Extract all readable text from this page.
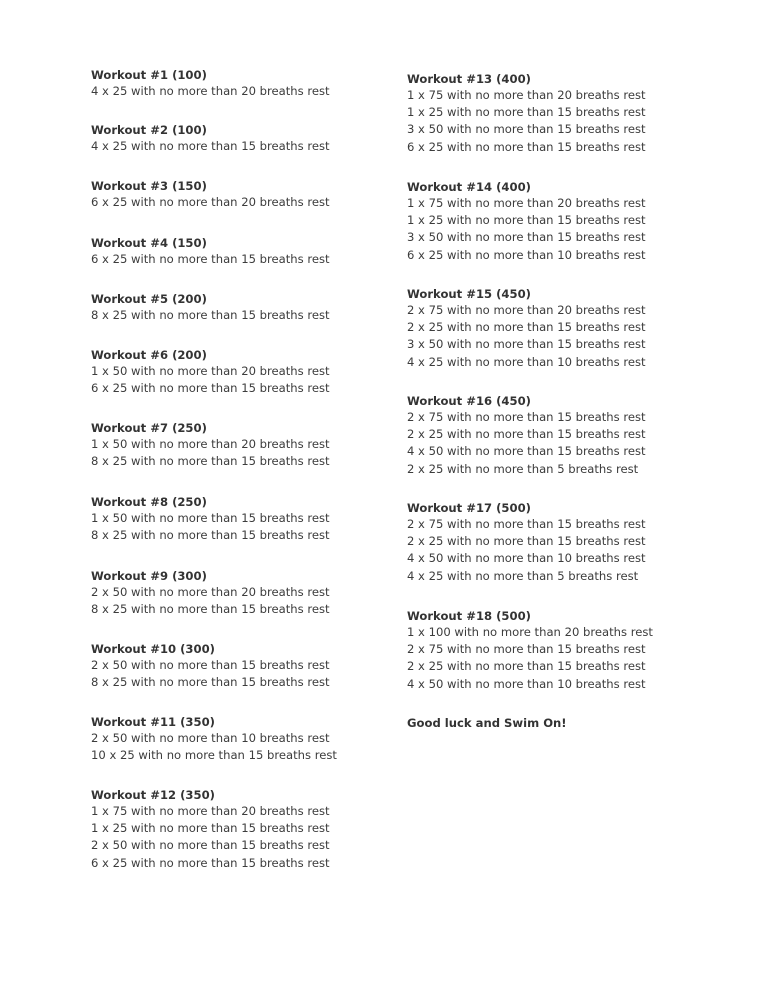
Workout #1 (100)
4 x 25 with no more than 20 breaths rest
Workout #2 (100)
4 x 25 with no more than 15 breaths rest
Workout #3 (150)
6 x 25 with no more than 20 breaths rest
Workout #4 (150)
6 x 25 with no more than 15 breaths rest
Workout #5 (200)
8 x 25 with no more than 15 breaths rest
Workout #6 (200)
1 x 50 with no more than 20 breaths rest
6 x 25 with no more than 15 breaths rest
Workout #7 (250)
1 x 50 with no more than 20 breaths rest
8 x 25 with no more than 15 breaths rest
Workout #8 (250)
1 x 50 with no more than 15 breaths rest
8 x 25 with no more than 15 breaths rest
Workout #9 (300)
2 x 50 with no more than 20 breaths rest
8 x 25 with no more than 15 breaths rest
Workout #10 (300)
2 x 50 with no more than 15 breaths rest
8 x 25 with no more than 15 breaths rest
Workout #11 (350)
2 x 50 with no more than 10 breaths rest
10 x 25 with no more than 15 breaths rest
Workout #12 (350)
1 x 75 with no more than 20 breaths rest
1 x 25 with no more than 15 breaths rest
2 x 50 with no more than 15 breaths rest
6 x 25 with no more than 15 breaths rest
Workout #13 (400)
1 x 75 with no more than 20 breaths rest
1 x 25 with no more than 15 breaths rest
3 x 50 with no more than 15 breaths rest
6 x 25 with no more than 15 breaths rest
Workout #14 (400)
1 x 75 with no more than 20 breaths rest
1 x 25 with no more than 15 breaths rest
3 x 50 with no more than 15 breaths rest
6 x 25 with no more than 10 breaths rest
Workout #15 (450)
2 x 75 with no more than 20 breaths rest
2 x 25 with no more than 15 breaths rest
3 x 50 with no more than 15 breaths rest
4 x 25 with no more than 10 breaths rest
Workout #16 (450)
2 x 75 with no more than 15 breaths rest
2 x 25 with no more than 15 breaths rest
4 x 50 with no more than 15 breaths rest
2 x 25 with no more than 5 breaths rest
Workout #17 (500)
2 x 75 with no more than 15 breaths rest
2 x 25 with no more than 15 breaths rest
4 x 50 with no more than 10 breaths rest
4 x 25 with no more than 5 breaths rest
Workout #18 (500)
1 x 100 with no more than 20 breaths rest
2 x 75 with no more than 15 breaths rest
2 x 25 with no more than 15 breaths rest
4 x 50 with no more than 10 breaths rest
Good luck and Swim On!
